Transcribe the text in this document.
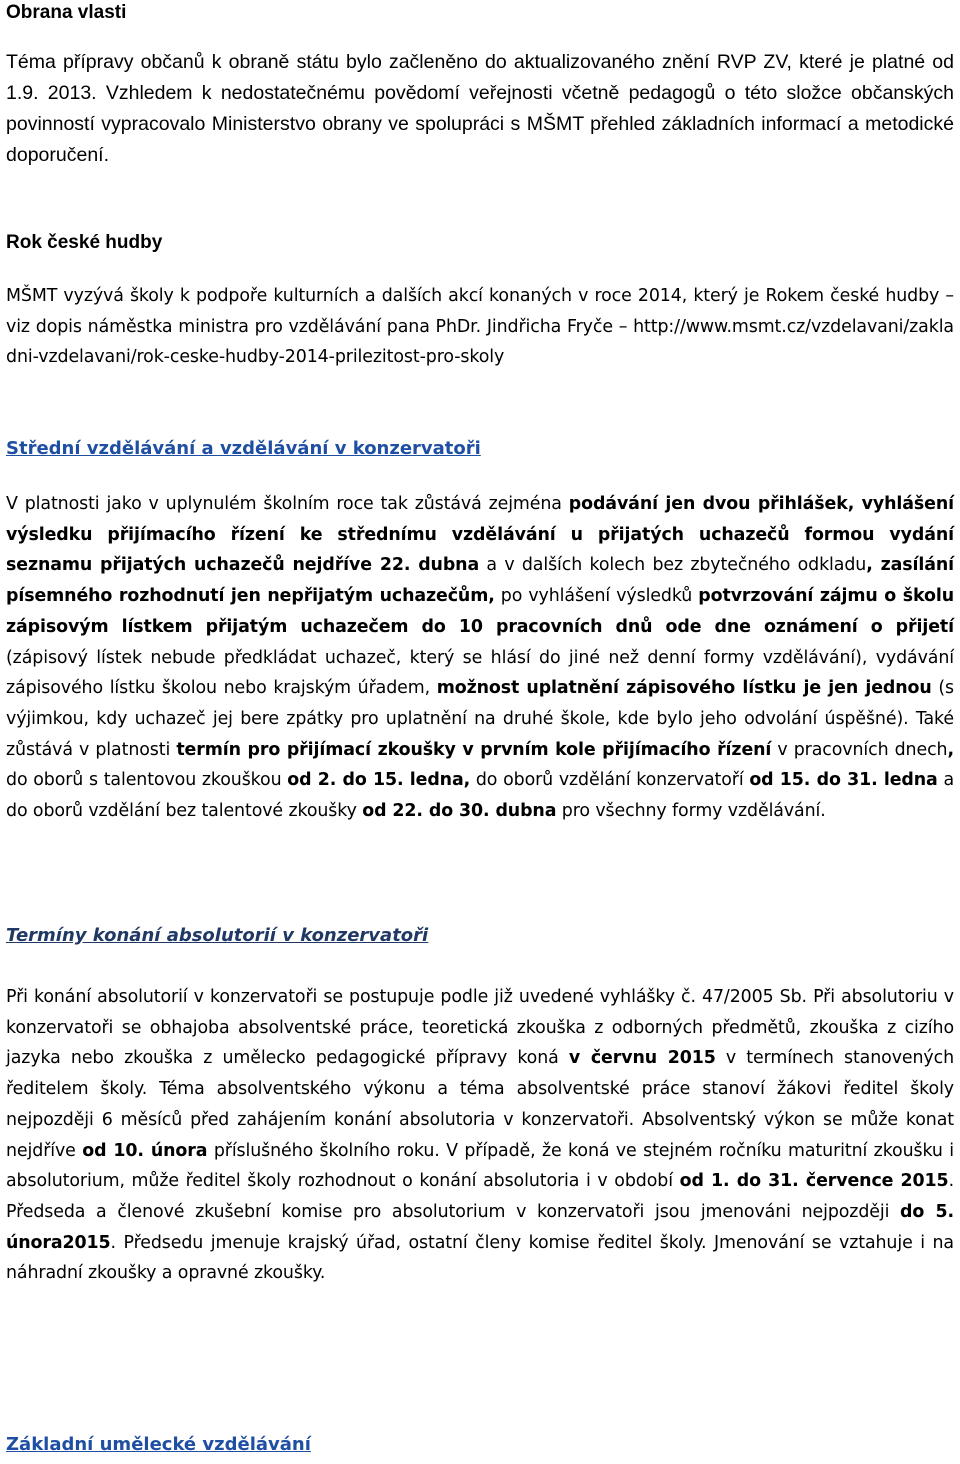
Obrana vlasti

Téma přípravy občanů k obraně státu bylo začleněno do aktualizovaného znění RVP ZV, které je platné od 1.9. 2013. Vzhledem k nedostatečnému povědomí veřejnosti včetně pedagogů o této složce občanských povinností vypracovalo Ministerstvo obrany ve spolupráci s MŠMT přehled základních informací a metodické doporučení.

Rok české hudby

MŠMT vyzývá školy k podpoře kulturních a dalších akcí konaných v roce 2014, který je Rokem české hudby – viz dopis náměstka ministra pro vzdělávání pana PhDr. Jindřicha Fryče – http://www.msmt.cz/vzdelavani/zakladni-vzdelavani/rok-ceske-hudby-2014-prilezitost-pro-skoly

Střední vzdělávání a vzdělávání v konzervatoři

V platnosti jako v uplynulém školním roce tak zůstává zejména podávání jen dvou přihlášek, vyhlášení výsledku přijímacího řízení ke střednímu vzdělávání u přijatých uchazečů formou vydání seznamu přijatých uchazečů nejdříve 22. dubna a v dalších kolech bez zbytečného odkladu, zasílání písemného rozhodnutí jen nepřijatým uchazečům, po vyhlášení výsledků potvrzování zájmu o školu zápisovým lístkem přijatým uchazečem do 10 pracovních dnů ode dne oznámení o přijetí (zápisový lístek nebude předkládat uchazeč, který se hlásí do jiné než denní formy vzdělávání), vydávání zápisového lístku školou nebo krajským úřadem, možnost uplatnění zápisového lístku je jen jednou (s výjimkou, kdy uchazeč jej bere zpátky pro uplatnění na druhé škole, kde bylo jeho odvolání úspěšné). Také zůstává v platnosti termín pro přijímací zkoušky v prvním kole přijímacího řízení v pracovních dnech, do oborů s talentovou zkouškou od 2. do 15. ledna, do oborů vzdělání konzervatoří od 15. do 31. ledna a do oborů vzdělání bez talentové zkoušky od 22. do 30. dubna pro všechny formy vzdělávání.

Termíny konání absolutorií v konzervatoři

Při konání absolutorií v konzervatoři se postupuje podle již uvedené vyhlášky č. 47/2005 Sb. Při absolutoriu v konzervatoři se obhajoba absolventské práce, teoretická zkouška z odborných předmětů, zkouška z cizího jazyka nebo zkouška z umělecko pedagogické přípravy koná v červnu 2015 v termínech stanovených ředitelem školy. Téma absolventského výkonu a téma absolventské práce stanoví žákovi ředitel školy nejpozději 6 měsíců před zahájením konání absolutoria v konzervatoři. Absolventský výkon se může konat nejdříve od 10. února příslušného školního roku. V případě, že koná ve stejném ročníku maturitní zkoušku i absolutorium, může ředitel školy rozhodnout o konání absolutoria i v období od 1. do 31. července 2015. Předseda a členové zkušební komise pro absolutorium v konzervatoři jsou jmenováni nejpozději do 5. února2015. Předsedu jmenuje krajský úřad, ostatní členy komise ředitel školy. Jmenování se vztahuje i na náhradní zkoušky a opravné zkoušky.

Základní umělecké vzdělávání
